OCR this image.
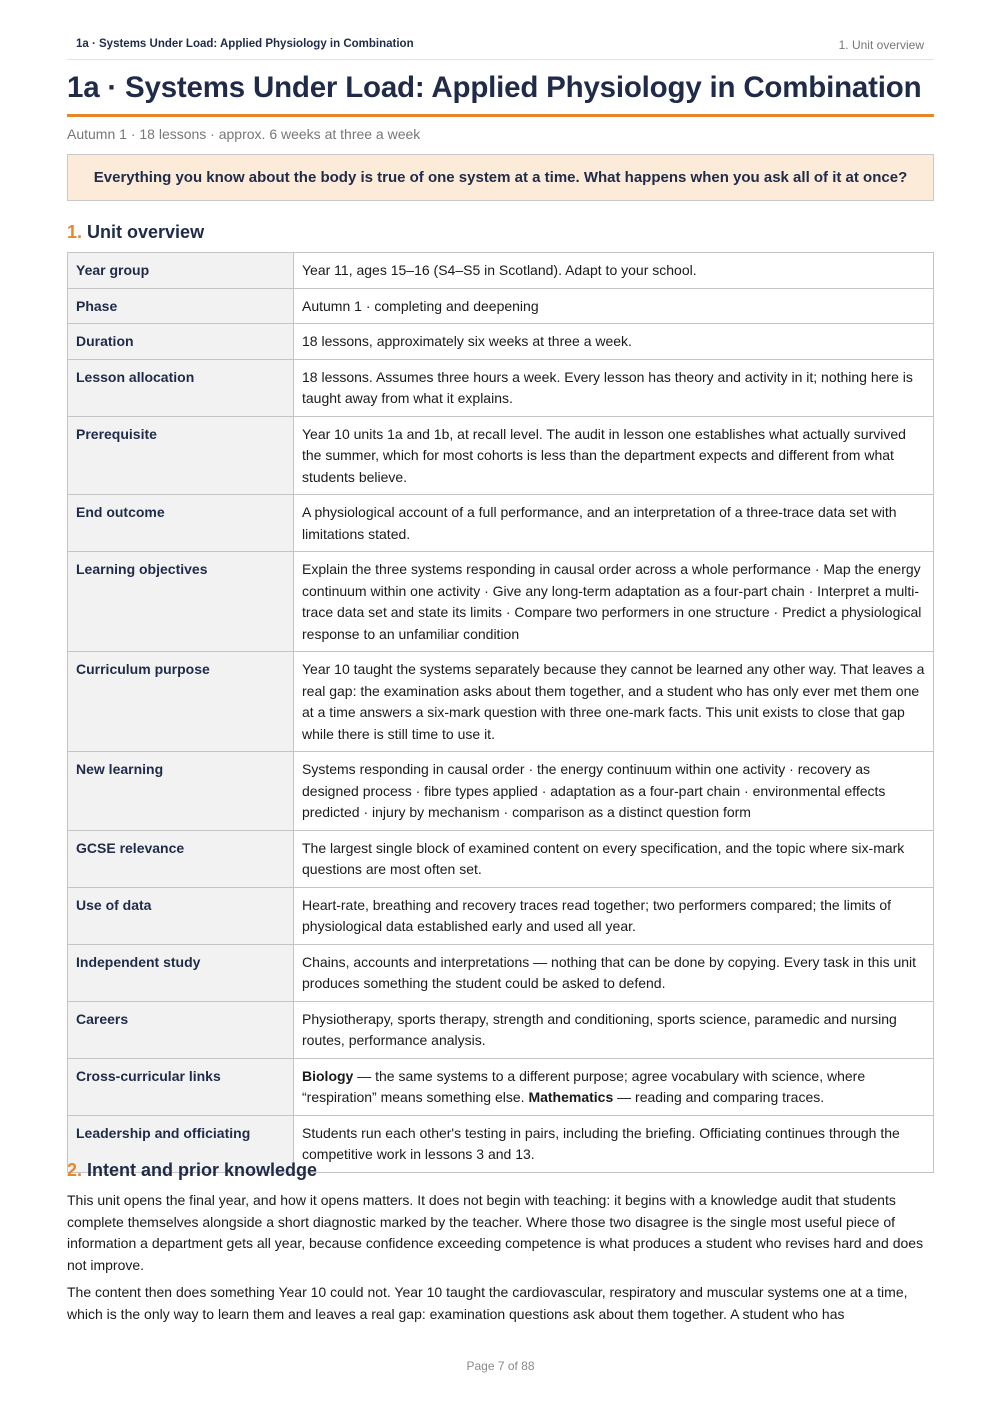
1a · Systems Under Load: Applied Physiology in Combination	1. Unit overview
1a · Systems Under Load: Applied Physiology in Combination
Autumn 1 · 18 lessons · approx. 6 weeks at three a week
Everything you know about the body is true of one system at a time. What happens when you ask all of it at once?
1. Unit overview
Year group	Year 11, ages 15–16 (S4–S5 in Scotland). Adapt to your school.
Phase	Autumn 1 · completing and deepening
Duration	18 lessons, approximately six weeks at three a week.
Lesson allocation	18 lessons. Assumes three hours a week. Every lesson has theory and activity in it; nothing here is taught away from what it explains.
Prerequisite	Year 10 units 1a and 1b, at recall level. The audit in lesson one establishes what actually survived the summer, which for most cohorts is less than the department expects and different from what students believe.
End outcome	A physiological account of a full performance, and an interpretation of a three-trace data set with limitations stated.
Learning objectives	Explain the three systems responding in causal order across a whole performance · Map the energy continuum within one activity · Give any long-term adaptation as a four-part chain · Interpret a multi-trace data set and state its limits · Compare two performers in one structure · Predict a physiological response to an unfamiliar condition
Curriculum purpose	Year 10 taught the systems separately because they cannot be learned any other way. That leaves a real gap: the examination asks about them together, and a student who has only ever met them one at a time answers a six-mark question with three one-mark facts. This unit exists to close that gap while there is still time to use it.
New learning	Systems responding in causal order · the energy continuum within one activity · recovery as designed process · fibre types applied · adaptation as a four-part chain · environmental effects predicted · injury by mechanism · comparison as a distinct question form
GCSE relevance	The largest single block of examined content on every specification, and the topic where six-mark questions are most often set.
Use of data	Heart-rate, breathing and recovery traces read together; two performers compared; the limits of physiological data established early and used all year.
Independent study	Chains, accounts and interpretations — nothing that can be done by copying. Every task in this unit produces something the student could be asked to defend.
Careers	Physiotherapy, sports therapy, strength and conditioning, sports science, paramedic and nursing routes, performance analysis.
Cross-curricular links	Biology — the same systems to a different purpose; agree vocabulary with science, where “respiration” means something else. Mathematics — reading and comparing traces.
Leadership and officiating	Students run each other's testing in pairs, including the briefing. Officiating continues through the competitive work in lessons 3 and 13.
2. Intent and prior knowledge

This unit opens the final year, and how it opens matters. It does not begin with teaching: it begins with a knowledge audit that students complete themselves alongside a short diagnostic marked by the teacher. Where those two disagree is the single most useful piece of information a department gets all year, because confidence exceeding competence is what produces a student who revises hard and does not improve.

The content then does something Year 10 could not. Year 10 taught the cardiovascular, respiratory and muscular systems one at a time, which is the only way to learn them and leaves a real gap: examination questions ask about them together. A student who has

Page 7 of 88
